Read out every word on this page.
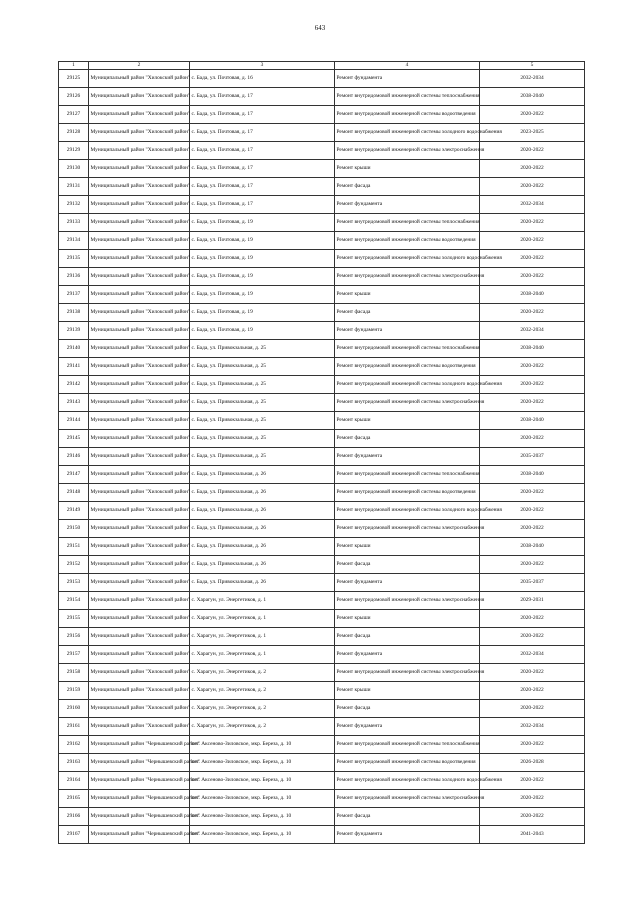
643
1	2	3	4	5
29125	Муниципальный район "Хилокский район"	с. Бада, ул. Почтовая, д. 16	Ремонт фундамента	2032-2034
29126	Муниципальный район "Хилокский район"	с. Бада, ул. Почтовая, д. 17	Ремонт внутридомовой инженерной системы теплоснабжения	2038-2040
29127	Муниципальный район "Хилокский район"	с. Бада, ул. Почтовая, д. 17	Ремонт внутридомовой инженерной системы водоотведения	2020-2022
29128	Муниципальный район "Хилокский район"	с. Бада, ул. Почтовая, д. 17	Ремонт внутридомовой инженерной системы холодного водоснабжения	2023-2025
29129	Муниципальный район "Хилокский район"	с. Бада, ул. Почтовая, д. 17	Ремонт внутридомовой инженерной системы электроснабжения	2020-2022
29130	Муниципальный район "Хилокский район"	с. Бада, ул. Почтовая, д. 17	Ремонт крыши	2020-2022
29131	Муниципальный район "Хилокский район"	с. Бада, ул. Почтовая, д. 17	Ремонт фасада	2020-2022
29132	Муниципальный район "Хилокский район"	с. Бада, ул. Почтовая, д. 17	Ремонт фундамента	2032-2034
29133	Муниципальный район "Хилокский район"	с. Бада, ул. Почтовая, д. 19	Ремонт внутридомовой инженерной системы теплоснабжения	2020-2022
29134	Муниципальный район "Хилокский район"	с. Бада, ул. Почтовая, д. 19	Ремонт внутридомовой инженерной системы водоотведения	2020-2022
29135	Муниципальный район "Хилокский район"	с. Бада, ул. Почтовая, д. 19	Ремонт внутридомовой инженерной системы холодного водоснабжения	2020-2022
29136	Муниципальный район "Хилокский район"	с. Бада, ул. Почтовая, д. 19	Ремонт внутридомовой инженерной системы электроснабжения	2020-2022
29137	Муниципальный район "Хилокский район"	с. Бада, ул. Почтовая, д. 19	Ремонт крыши	2038-2040
29138	Муниципальный район "Хилокский район"	с. Бада, ул. Почтовая, д. 19	Ремонт фасада	2020-2022
29139	Муниципальный район "Хилокский район"	с. Бада, ул. Почтовая, д. 19	Ремонт фундамента	2032-2034
29140	Муниципальный район "Хилокский район"	с. Бада, ул. Привокзальная, д. 25	Ремонт внутридомовой инженерной системы теплоснабжения	2038-2040
29141	Муниципальный район "Хилокский район"	с. Бада, ул. Привокзальная, д. 25	Ремонт внутридомовой инженерной системы водоотведения	2020-2022
29142	Муниципальный район "Хилокский район"	с. Бада, ул. Привокзальная, д. 25	Ремонт внутридомовой инженерной системы холодного водоснабжения	2020-2022
29143	Муниципальный район "Хилокский район"	с. Бада, ул. Привокзальная, д. 25	Ремонт внутридомовой инженерной системы электроснабжения	2020-2022
29144	Муниципальный район "Хилокский район"	с. Бада, ул. Привокзальная, д. 25	Ремонт крыши	2038-2040
29145	Муниципальный район "Хилокский район"	с. Бада, ул. Привокзальная, д. 25	Ремонт фасада	2020-2022
29146	Муниципальный район "Хилокский район"	с. Бада, ул. Привокзальная, д. 25	Ремонт фундамента	2035-2037
29147	Муниципальный район "Хилокский район"	с. Бада, ул. Привокзальная, д. 26	Ремонт внутридомовой инженерной системы теплоснабжения	2038-2040
29148	Муниципальный район "Хилокский район"	с. Бада, ул. Привокзальная, д. 26	Ремонт внутридомовой инженерной системы водоотведения	2020-2022
29149	Муниципальный район "Хилокский район"	с. Бада, ул. Привокзальная, д. 26	Ремонт внутридомовой инженерной системы холодного водоснабжения	2020-2022
29150	Муниципальный район "Хилокский район"	с. Бада, ул. Привокзальная, д. 26	Ремонт внутридомовой инженерной системы электроснабжения	2020-2022
29151	Муниципальный район "Хилокский район"	с. Бада, ул. Привокзальная, д. 26	Ремонт крыши	2038-2040
29152	Муниципальный район "Хилокский район"	с. Бада, ул. Привокзальная, д. 26	Ремонт фасада	2020-2022
29153	Муниципальный район "Хилокский район"	с. Бада, ул. Привокзальная, д. 26	Ремонт фундамента	2035-2037
29154	Муниципальный район "Хилокский район"	с. Харагун, ул. Энергетиков, д. 1	Ремонт внутридомовой инженерной системы электроснабжения	2029-2031
29155	Муниципальный район "Хилокский район"	с. Харагун, ул. Энергетиков, д. 1	Ремонт крыши	2020-2022
29156	Муниципальный район "Хилокский район"	с. Харагун, ул. Энергетиков, д. 1	Ремонт фасада	2020-2022
29157	Муниципальный район "Хилокский район"	с. Харагун, ул. Энергетиков, д. 1	Ремонт фундамента	2032-2034
29158	Муниципальный район "Хилокский район"	с. Харагун, ул. Энергетиков, д. 2	Ремонт внутридомовой инженерной системы электроснабжения	2020-2022
29159	Муниципальный район "Хилокский район"	с. Харагун, ул. Энергетиков, д. 2	Ремонт крыши	2020-2022
29160	Муниципальный район "Хилокский район"	с. Харагун, ул. Энергетиков, д. 2	Ремонт фасада	2020-2022
29161	Муниципальный район "Хилокский район"	с. Харагун, ул. Энергетиков, д. 2	Ремонт фундамента	2032-2034
29162	Муниципальный район "Чернышевский район"	пгт. Аксеново-Зиловское, мкр. Береза, д. 10	Ремонт внутридомовой инженерной системы теплоснабжения	2020-2022
29163	Муниципальный район "Чернышевский район"	пгт. Аксеново-Зиловское, мкр. Береза, д. 10	Ремонт внутридомовой инженерной системы водоотведения	2026-2028
29164	Муниципальный район "Чернышевский район"	пгт. Аксеново-Зиловское, мкр. Береза, д. 10	Ремонт внутридомовой инженерной системы холодного водоснабжения	2020-2022
29165	Муниципальный район "Чернышевский район"	пгт. Аксеново-Зиловское, мкр. Береза, д. 10	Ремонт внутридомовой инженерной системы электроснабжения	2020-2022
29166	Муниципальный район "Чернышевский район"	пгт. Аксеново-Зиловское, мкр. Береза, д. 10	Ремонт фасада	2020-2022
29167	Муниципальный район "Чернышевский район"	пгт. Аксеново-Зиловское, мкр. Береза, д. 10	Ремонт фундамента	2041-2043
